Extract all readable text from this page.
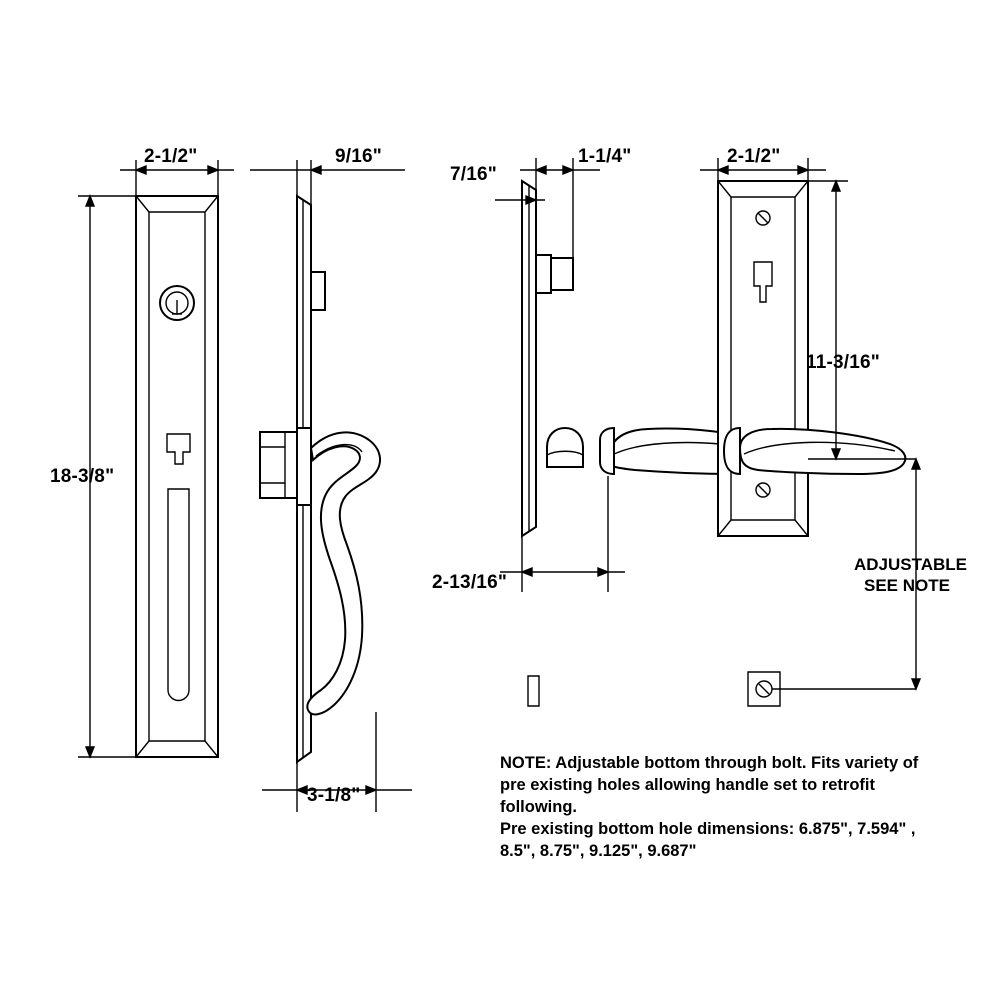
2-1/2"
18-3/8"
9/16"
3-1/8"
7/16"
1-1/4"
2-13/16"
2-1/2"
11-3/16"
ADJUSTABLE
SEE NOTE
NOTE: Adjustable bottom through bolt. Fits variety of
pre existing holes allowing handle set to retrofit
following.
Pre existing bottom hole dimensions: 6.875", 7.594" ,
8.5", 8.75", 9.125", 9.687"
